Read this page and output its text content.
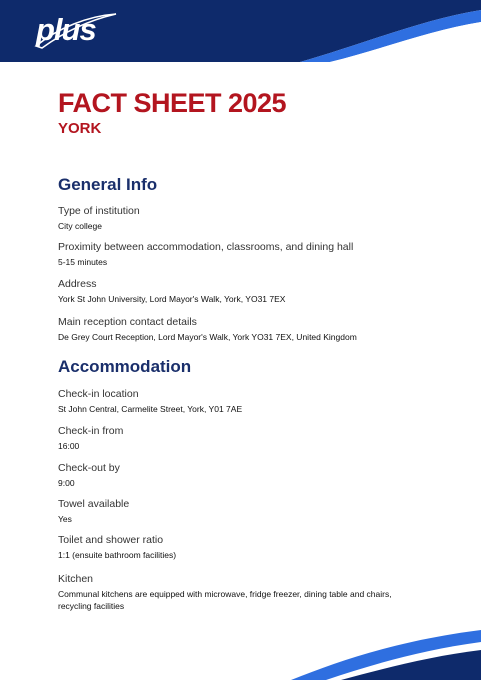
plus
FACT SHEET 2025
YORK
General Info
Type of institution
City college
Proximity between accommodation, classrooms, and dining hall
5-15 minutes
Address
York St John University, Lord Mayor's Walk, York, YO31 7EX
Main reception contact details
De Grey Court Reception, Lord Mayor's Walk, York YO31 7EX, United Kingdom
Accommodation
Check-in location
St John Central, Carmelite Street, York, Y01 7AE
Check-in from
16:00
Check-out by
9:00
Towel available
Yes
Toilet and shower ratio
1:1 (ensuite bathroom facilities)
Kitchen
Communal kitchens are equipped with microwave, fridge freezer, dining table and chairs,
recycling facilities
